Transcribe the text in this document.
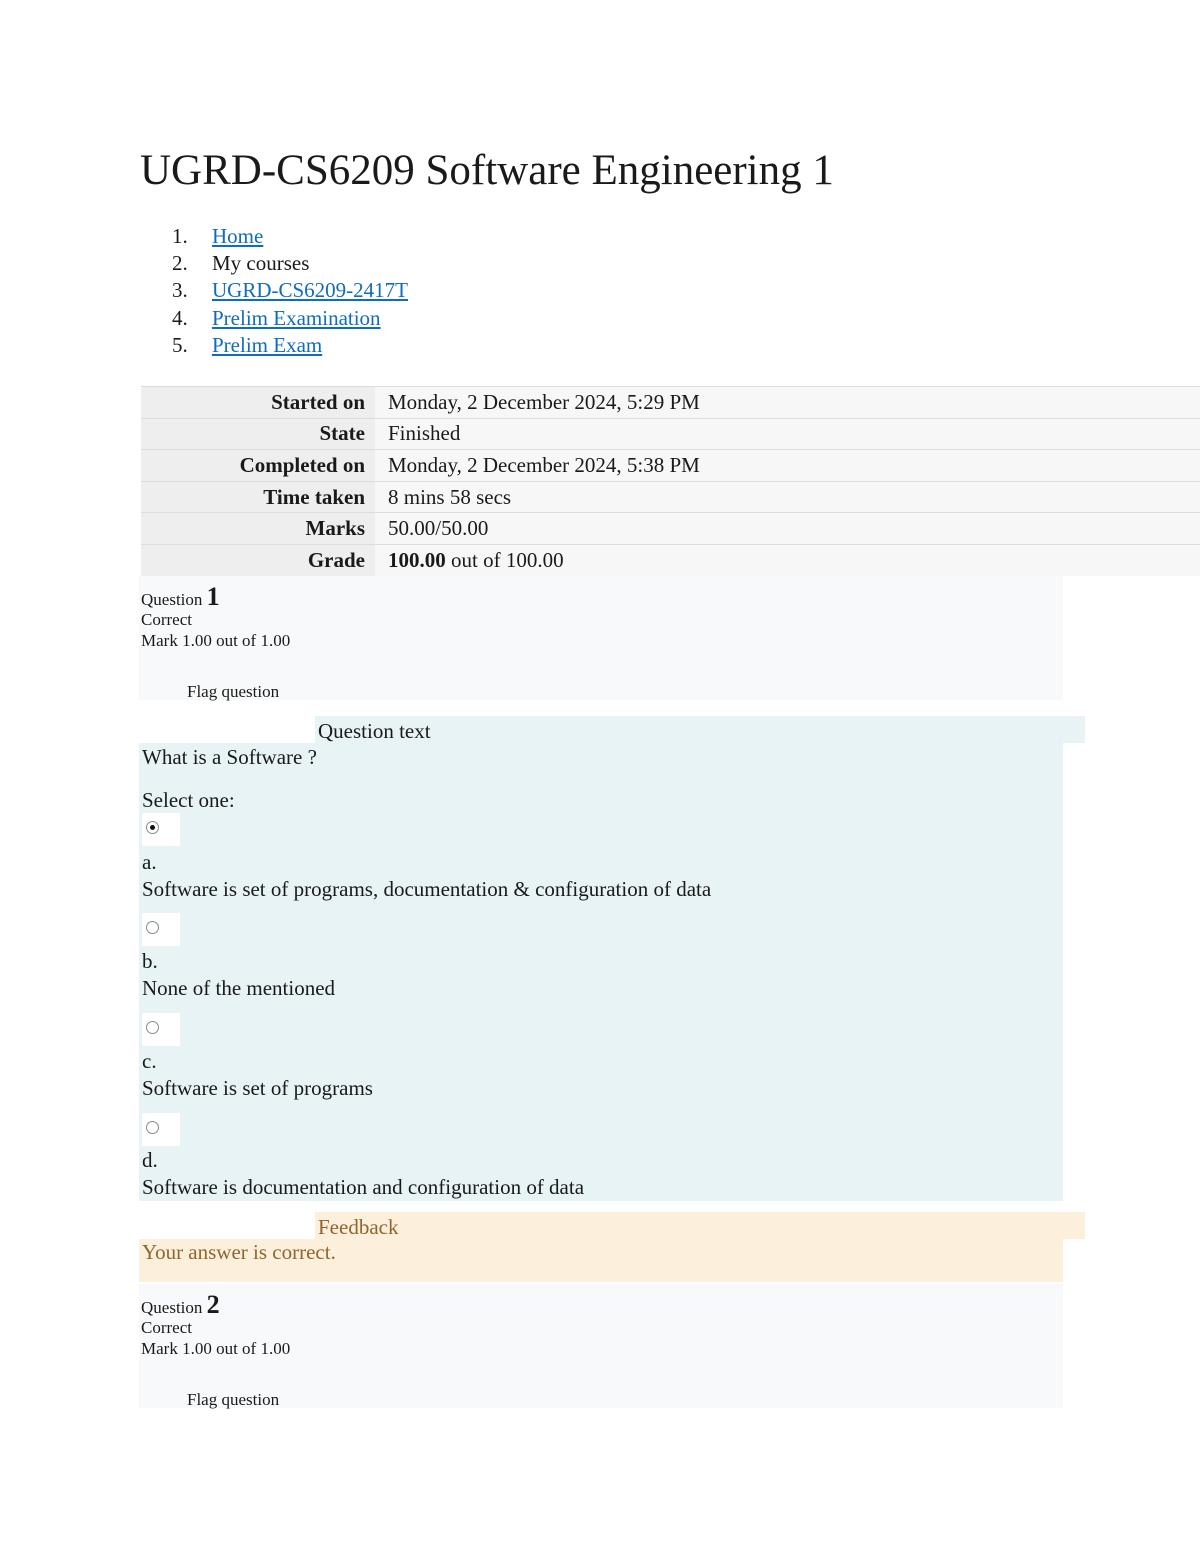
UGRD-CS6209 Software Engineering 1
1.	Home
2.	My courses
3.	UGRD-CS6209-2417T
4.	Prelim Examination
5.	Prelim Exam
Started on	Monday, 2 December 2024, 5:29 PM
State	Finished
Completed on	Monday, 2 December 2024, 5:38 PM
Time taken	8 mins 58 secs
Marks	50.00/50.00
Grade	100.00 out of 100.00
Question 1
Correct
Mark 1.00 out of 1.00
Flag question
Question text
What is a Software ?
Select one:
a.
Software is set of programs, documentation & configuration of data
b.
None of the mentioned
c.
Software is set of programs
d.
Software is documentation and configuration of data
Feedback
Your answer is correct.
Question 2
Correct
Mark 1.00 out of 1.00
Flag question
